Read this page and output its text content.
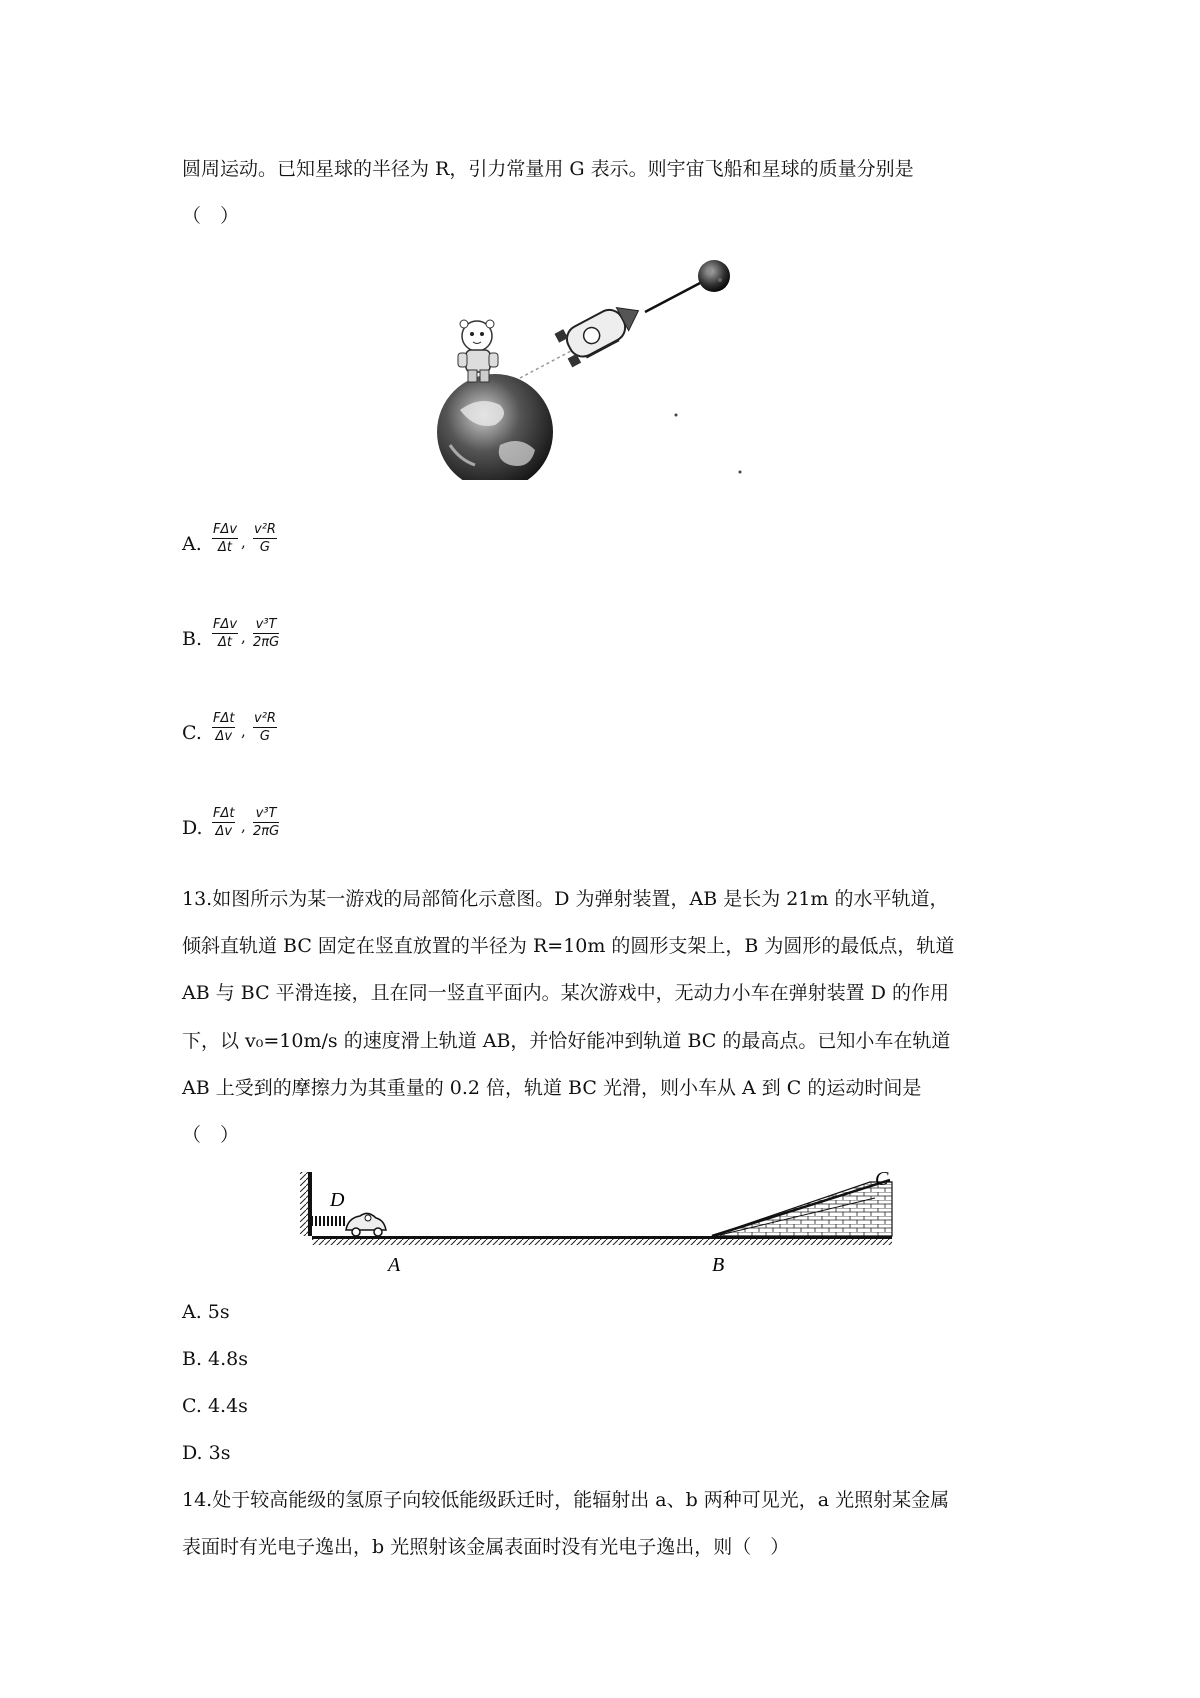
圆周运动。已知星球的半径为 R，引力常量用 G 表示。则宇宙飞船和星球的质量分别是
（　）
A.
FΔv
Δt , $\frac{\text{v²R}}{G}$
B.
FΔv
Δt , $\frac{\text{v³T}}{2\pi G}$
C.
FΔt
Δv , $\frac{\text{v²R}}{G}$
D.
FΔt
Δv , $\frac{\text{v³T}}{2\pi G}$
13.如图所示为某一游戏的局部简化示意图。D 为弹射装置，AB 是长为 21m 的水平轨道，
倾斜直轨道 BC 固定在竖直放置的半径为 R=10m 的圆形支架上，B 为圆形的最低点，轨道
AB 与 BC 平滑连接，且在同一竖直平面内。某次游戏中，无动力小车在弹射装置 D 的作用
下，以 v₀=10m/s 的速度滑上轨道 AB，并恰好能冲到轨道 BC 的最高点。已知小车在轨道
AB 上受到的摩擦力为其重量的 0.2 倍，轨道 BC 光滑，则小车从 A 到 C 的运动时间是
（　）
D
A	B
C
A. 5s
B. 4.8s
C. 4.4s
D. 3s
14.处于较高能级的氢原子向较低能级跃迁时，能辐射出 a、b 两种可见光，a 光照射某金属
表面时有光电子逸出，b 光照射该金属表面时没有光电子逸出，则（　）
